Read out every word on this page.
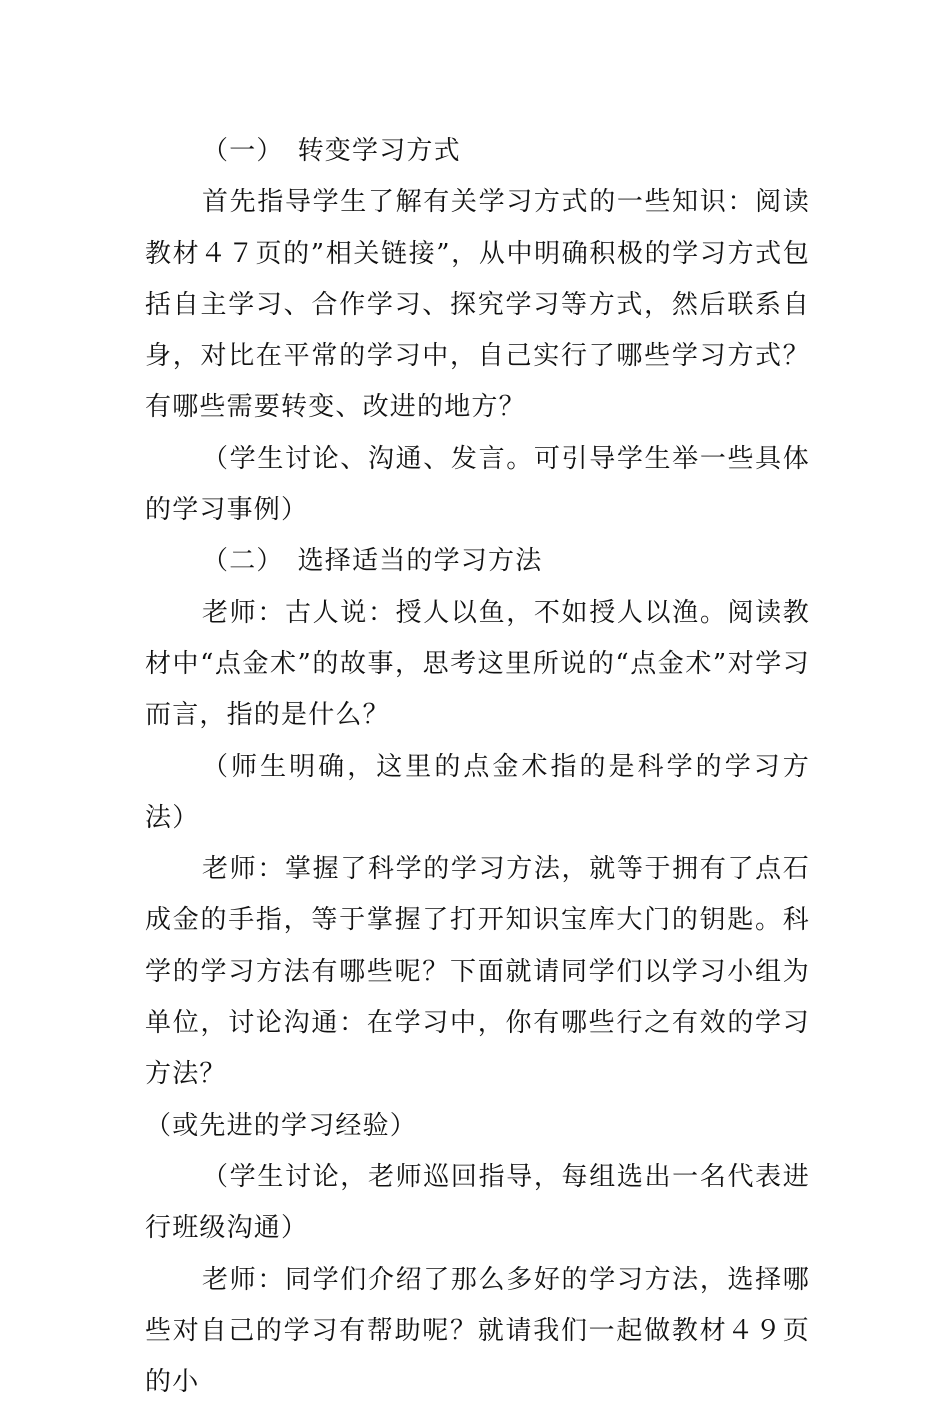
（一） 转变学习方式

首先指导学生了解有关学习方式的一些知识：阅读教材４７页的”相关链接”，从中明确积极的学习方式包括自主学习、合作学习、探究学习等方式，然后联系自身，对比在平常的学习中，自己实行了哪些学习方式？有哪些需要转变、改进的地方？

（学生讨论、沟通、发言。可引导学生举一些具体的学习事例）

（二） 选择适当的学习方法

老师：古人说：授人以鱼，不如授人以渔。阅读教材中“点金术”的故事，思考这里所说的“点金术”对学习而言，指的是什么？

（师生明确，这里的点金术指的是科学的学习方法）

老师：掌握了科学的学习方法，就等于拥有了点石成金的手指，等于掌握了打开知识宝库大门的钥匙。科学的学习方法有哪些呢？下面就请同学们以学习小组为单位，讨论沟通：在学习中，你有哪些行之有效的学习方法？

（或先进的学习经验）

（学生讨论，老师巡回指导，每组选出一名代表进行班级沟通）

老师：同学们介绍了那么多好的学习方法，选择哪些对自己的学习有帮助呢？就请我们一起做教材４９页的小
